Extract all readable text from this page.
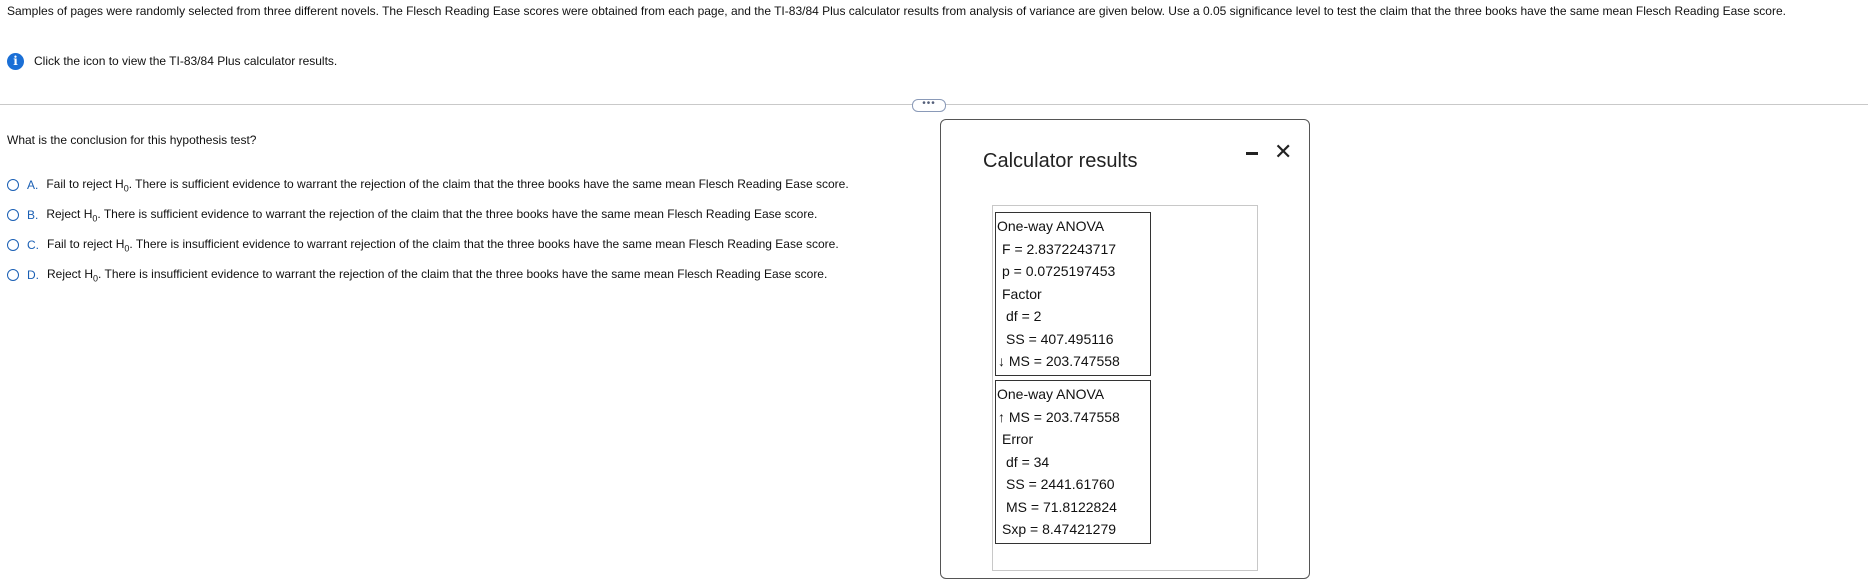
Samples of pages were randomly selected from three different novels. The Flesch Reading Ease scores were obtained from each page, and the TI-83/84 Plus calculator results from analysis of variance are given below. Use a 0.05 significance level to test the claim that the three books have the same mean Flesch Reading Ease score.
i	Click the icon to view the TI-83/84 Plus calculator results.
•••
What is the conclusion for this hypothesis test?
A. Fail to reject $H_0$. There is sufficient evidence to warrant the rejection of the claim that the three books have the same mean Flesch Reading Ease score.
B. Reject $H_0$. There is sufficient evidence to warrant the rejection of the claim that the three books have the same mean Flesch Reading Ease score.
C. Fail to reject $H_0$. There is insufficient evidence to warrant rejection of the claim that the three books have the same mean Flesch Reading Ease score.
D. Reject $H_0$. There is insufficient evidence to warrant the rejection of the claim that the three books have the same mean Flesch Reading Ease score.
Calculator results	✕
One-way ANOVA
F = 2.8372243717
p = 0.0725197453
Factor
df = 2
SS = 407.495116
↓ MS = 203.747558
One-way ANOVA
↑ MS = 203.747558
Error
df = 34
SS = 2441.61760
MS = 71.8122824
Sxp = 8.47421279
